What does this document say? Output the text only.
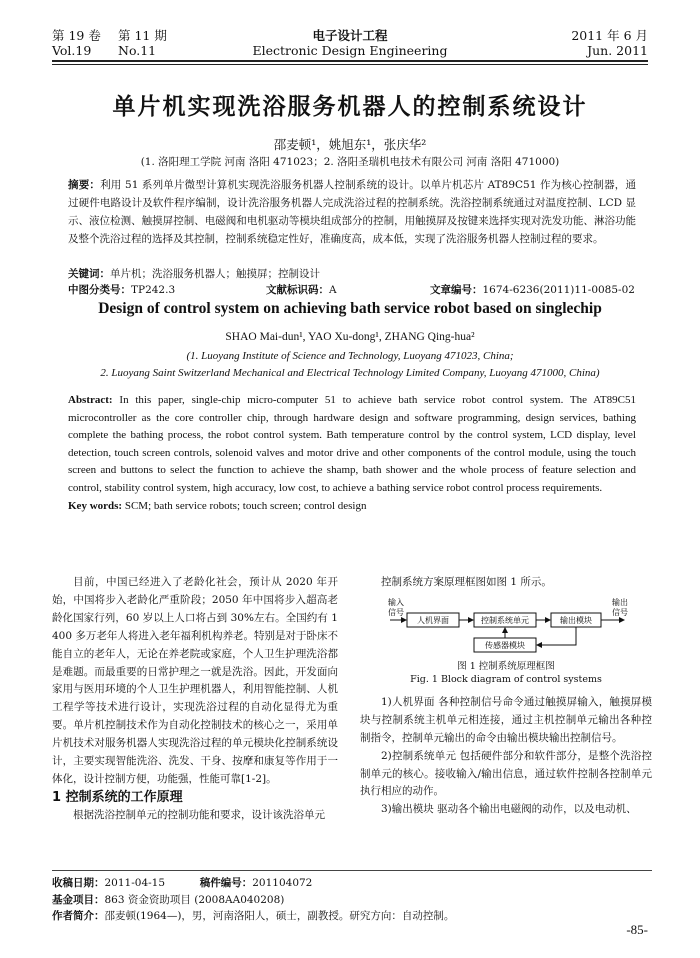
第 19 卷 第 11 期
Vol.19 No.11
电子设计工程
Electronic Design Engineering
2011 年 6 月
Jun. 2011
单片机实现洗浴服务机器人的控制系统设计
邵麦顿¹，姚旭东¹，张庆华²
(1. 洛阳理工学院 河南 洛阳 471023；2. 洛阳圣瑞机电技术有限公司 河南 洛阳 471000)
摘要：利用 51 系列单片微型计算机实现洗浴服务机器人控制系统的设计。以单片机芯片 AT89C51 作为核心控制器，通过硬件电路设计及软件程序编制，设计洗浴服务机器人完成洗浴过程的控制系统。洗浴控制系统通过对温度控制、LCD 显示、液位检测、触摸屏控制、电磁阀和电机驱动等模块组成部分的控制，用触摸屏及按键来选择实现对洗发功能、淋浴功能及整个洗浴过程的选择及其控制，控制系统稳定性好，准确度高，成本低，实现了洗浴服务机器人控制过程的要求。
关键词：单片机；洗浴服务机器人；触摸屏；控制设计
中图分类号： TP242.3	文献标识码： A	文章编号： 1674-6236(2011)11-0085-02
Design of control system on achieving bath service robot based on singlechip
SHAO Mai-dun¹, YAO Xu-dong¹, ZHANG Qing-hua²
(1. Luoyang Institute of Science and Technology, Luoyang 471023, China;
2. Luoyang Saint Switzerland Mechanical and Electrical Technology Limited Company, Luoyang 471000, China)
Abstract: In this paper, single-chip micro-computer 51 to achieve bath service robot control system. The AT89C51 microcontroller as the core controller chip, through hardware design and software programming, design services, bathing complete the bathing process, the robot control system. Bath temperature control by the control system, LCD display, level detection, touch screen controls, solenoid valves and motor drive and other components of the control module, using the touch screen and buttons to select the function to achieve the shamp, bath shower and the whole process of feature selection and control, stability control system, high accuracy, low cost, to achieve a bathing service robot control process requirements.
Key words: SCM; bath service robots; touch screen; control design

目前，中国已经进入了老龄化社会，预计从 2020 年开始，中国将步入老龄化严重阶段；2050 年中国将步入超高老龄化国家行列，60 岁以上人口将占到 30%左右。全国约有 1 400 多万老年人将进入老年福利机构养老。特别是对于卧床不能自立的老年人，无论在养老院或家庭，个人卫生护理洗浴都是难题。而最重要的日常护理之一就是洗浴。因此，开发面向家用与医用环境的个人卫生护理机器人，利用智能控制、人机工程学等技术进行设计，实现洗浴过程的自动化显得尤为重要。单片机控制技术作为自动化控制技术的核心之一，采用单片机技术对服务机器人实现洗浴过程的单元模块化控制系统设计，主要实现智能洗浴、洗发、干身、按摩和康复等作用于一体化，设计控制方便，功能强，性能可靠[1-2]。

1 控制系统的工作原理

根据洗浴控制单元的控制功能和要求，设计该洗浴单元

控制系统方案原理框图如图 1 所示。

输入
信号
人机界面	控制系统单元	输出模块
输出
信号
传感器模块
图 1 控制系统原理框图
Fig. 1 Block diagram of control systems

1)人机界面 各种控制信号命令通过触摸屏输入，触摸屏模块与控制系统主机单元相连接，通过主机控制单元输出各种控制指令，控制单元输出的命令由输出模块输出控制信号。

2)控制系统单元 包括硬件部分和软件部分，是整个洗浴控制单元的核心。接收输入/输出信息，通过软件控制各控制单元执行相应的动作。

3)输出模块 驱动各个输出电磁阀的动作，以及电动机、

收稿日期：2011-04-15	稿件编号：201104072
基金项目：863 资金资助项目 (2008AA040208)
作者简介：邵麦顿(1964—)，男，河南洛阳人，硕士，副教授。研究方向：自动控制。
-85-
